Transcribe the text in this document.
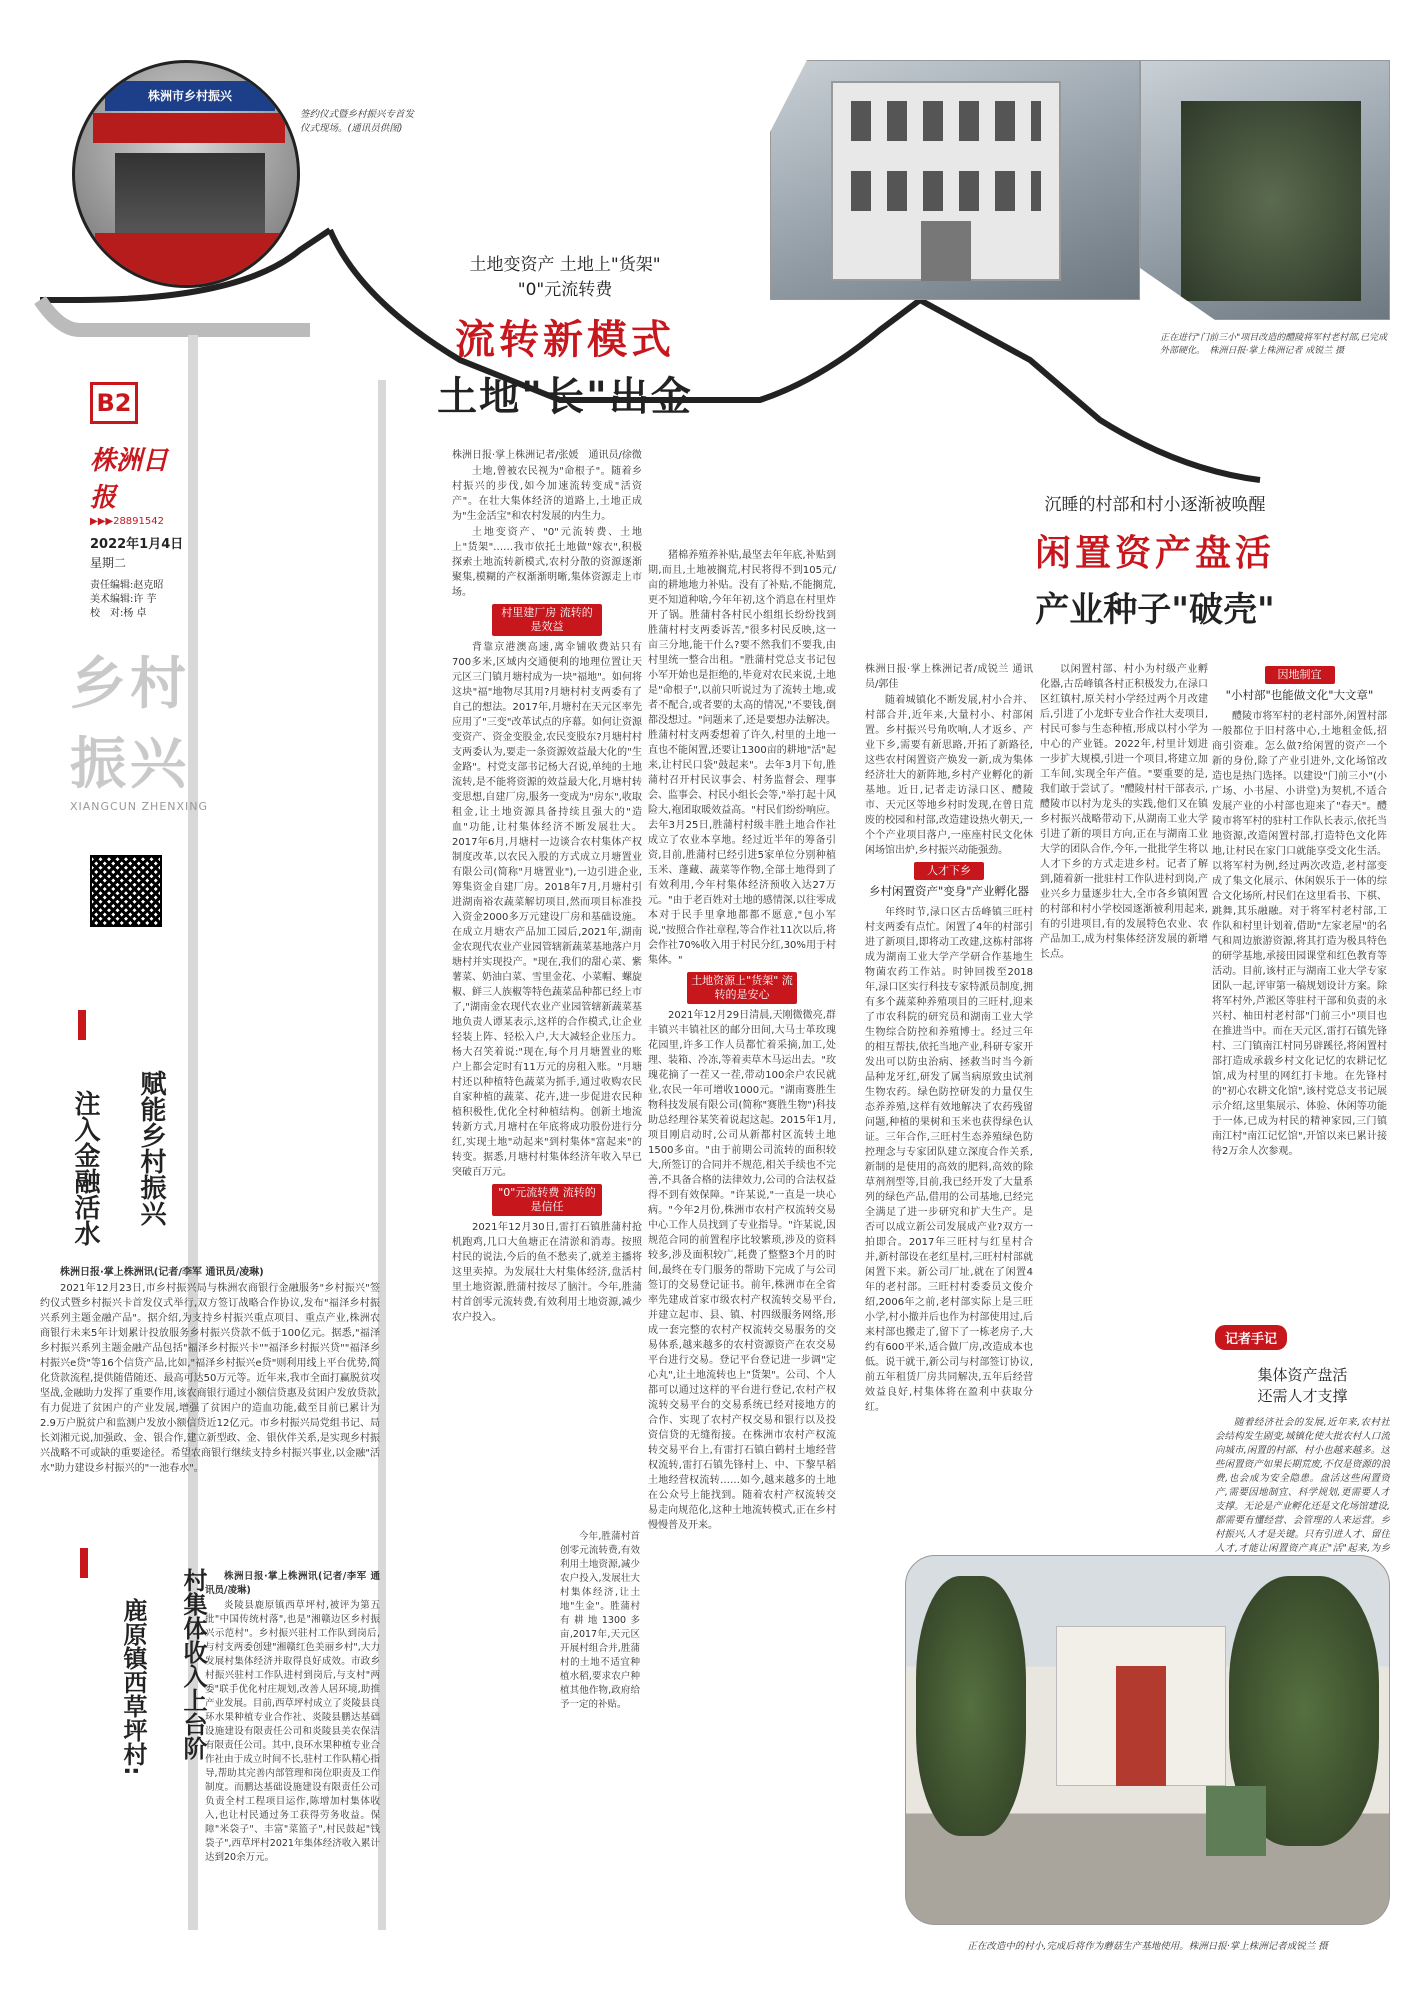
株洲市乡村振兴
签约仪式暨乡村振兴专首发仪式现场。(通讯员供图)
B2
株洲日报
▶▶▶28891542
2022年1月4日
星期二
责任编辑:赵克昭
美术编辑:许 芋
校　对:杨 卓
乡村
振兴
XIANGCUN ZHENXING
赋能乡村振兴
注入金融活水

株洲日报·掌上株洲讯(记者/李军 通讯员/凌琳)

2021年12月23日,市乡村振兴局与株洲农商银行金融服务"乡村振兴"签约仪式暨乡村振兴卡首发仪式举行,双方签订战略合作协议,发布"福泽乡村振兴系列主题金融产品"。据介绍,为支持乡村振兴重点项目、重点产业,株洲农商银行未来5年计划累计投放服务乡村振兴贷款不低于100亿元。据悉,"福泽乡村振兴系列主题金融产品包括"福泽乡村振兴卡""福泽乡村振兴贷""福泽乡村振兴e贷"等16个信贷产品,比如,"福泽乡村振兴e贷"则利用线上平台优势,简化贷款流程,提供随借随还、最高可达50万元等。近年来,我市全面打赢脱贫攻坚战,金融助力发挥了重要作用,该农商银行通过小额信贷惠及贫困户发放贷款,有力促进了贫困户的产业发展,增强了贫困户的造血功能,截至目前已累计为2.9万户脱贫户和监测户发放小额信贷近12亿元。市乡村振兴局党组书记、局长刘湘元说,加强政、金、银合作,建立新型政、金、银伙伴关系,是实现乡村振兴战略不可或缺的重要途径。希望农商银行继续支持乡村振兴事业,以金融"活水"助力建设乡村振兴的"一池春水"。

村集体收入上台阶
鹿原镇西草坪村:

株洲日报·掌上株洲讯(记者/李军 通讯员/凌琳)

炎陵县鹿原镇西草坪村,被评为第五批"中国传统村落",也是"湘赣边区乡村振兴示范村"。乡村振兴驻村工作队到岗后,与村支两委创建"湘赣红色美丽乡村",大力发展村集体经济并取得良好成效。市政乡村振兴驻村工作队进村到岗后,与支村"两委"联手优化村庄规划,改善人居环境,助推产业发展。目前,西草坪村成立了炎陵县良环水果种植专业合作社、炎陵县鹏达基础设施建设有限责任公司和炎陵县美农保洁有限责任公司。其中,良环水果种植专业合作社由于成立时间不长,驻村工作队精心指导,帮助其完善内部管理和岗位职责及工作制度。而鹏达基础设施建设有限责任公司负责全村工程项目运作,陈增加村集体收入,也让村民通过务工获得劳务收益。保障"米袋子"、丰富"菜篮子",村民鼓起"钱袋子",西草坪村2021年集体经济收入累计达到20余万元。

土地变资产 土地上"货架"
"0"元流转费
流转新模式
土地"长"出金

株洲日报·掌上株洲记者/张媛　通讯员/徐微

土地,曾被农民视为"命根子"。随着乡村振兴的步伐,如今加速流转变成"活资产"。在壮大集体经济的道路上,土地正成为"生金活宝"和农村发展的内生力。

土地变资产、"0"元流转费、土地上"货架"……我市依托土地做"嫁衣",积极探索土地流转新模式,农村分散的资源逐渐聚集,模糊的产权渐渐明晰,集体资源走上市场。

村里建厂房 流转的是效益

背靠京港澳高速,离伞铺收费站只有700多米,区域内交通便利的地理位置让天元区三门镇月塘村成为一块"福地"。如何将这块"福"地物尽其用?月塘村村支两委有了自己的想法。2017年,月塘村在天元区率先应用了"三变"改革试点的序幕。如何让资源变资产、资金变股金,农民变股东?月塘村村支两委认为,要走一条资源效益最大化的"生金路"。村党支部书记杨大召说,单纯的土地流转,是不能将资源的效益最大化,月塘村转变思想,自建厂房,服务一变成为"房东",收取租金,让土地资源具备持续且强大的"造血"功能,让村集体经济不断发展壮大。2017年6月,月塘村一边谈合农村集体产权制度改革,以农民入股的方式成立月塘置业有限公司(简称"月塘置业"),一边引进企业,筹集资金自建厂房。2018年7月,月塘村引进湖南裕农蔬菜解切项目,然而项目标准投入资金2000多万元建设厂房和基础设施。在成立月塘农产品加工园后,2021年,湖南金农现代农业产业园管辖新蔬菜基地落户月塘村并实现投产。"现在,我们的甜心菜、紫薯菜、奶油白菜、雪里金花、小菜帽、螺旋椒、鲜三人族椒等特色蔬菜品种都已经上市了,"湖南金农现代农业产业园管辖新蔬菜基地负责人谭某表示,这样的合作模式,让企业轻装上阵、轻松入户,大大减轻企业压力。杨大召笑着说:"现在,每个月月塘置业的账户上都会定时有11万元的房租入账。"月塘村还以种植特色蔬菜为抓手,通过收购农民自家种植的蔬菜、花卉,进一步促进农民种植积极性,优化全村种植结构。创新土地流转新方式,月塘村在年底将成功股份进行分红,实现土地"动起来"到村集体"富起来"的转变。据悉,月塘村村集体经济年收入早已突破百万元。

"0"元流转费 流转的是信任

2021年12月30日,雷打石镇胜蒲村抢机跑鸡,几口大鱼塘正在清淤和消毒。按照村民的说法,今后的鱼不愁卖了,就差主播将这里卖掉。为发展壮大村集体经济,盘活村里土地资源,胜蒲村按尽了脑汁。今年,胜蒲村首创零元流转费,有效利用土地资源,减少农户投入。

猪棉养殖养补贴,最坚去年年底,补贴到期,而且,土地被搁荒,村民将得不到105元/亩的耕地地力补贴。没有了补贴,不能搁荒,更不知道种啥,今年年初,这个消息在村里炸开了锅。胜蒲村各村民小组组长纷纷找到胜蒲村村支两委诉苦,"很多村民反映,这一亩三分地,能干什么?要不然我们不要我,由村里统一整合出租。"胜蒲村党总支书记包小军开始也是拒绝的,毕竟对农民来说,土地是"命根子",以前只听说过为了流转土地,或者不配合,或者要的太高的情况,"不要钱,倒都没想过。"问题来了,还是要想办法解决。胜蒲村村支两委想着了许久,村里的土地一直也不能闲置,还要让1300亩的耕地"活"起来,让村民口袋"鼓起来"。去年3月下旬,胜蒲村召开村民议事会、村务监督会、理事会、监事会、村民小组长会等,"举打起十风险大,袍团取暖效益高。"村民们纷纷响应。去年3月25日,胜蒲村村级丰胜土地合作社成立了农业本享地。经过近半年的筹备引资,目前,胜蒲村已经引进5家单位分别种植玉米、蓬藏、蔬菜等作物,全部土地得到了有效利用,今年村集体经济预收入达27万元。"由于老百姓对土地的感情深,以往零成本对于民手里拿地都都不愿意,"包小军说,"按照合作社章程,等合作社11次以后,将会作社70%收入用于村民分红,30%用于村集体。"

土地资源上"货架" 流转的是安心

2021年12月29日清晨,天刚微微亮,群丰镇兴丰镇社区的邮分田间,大马士革玫瑰花园里,许多工作人员都忙着采摘,加工,处理、装箱、冷冻,等着卖草木马运出去。"玫瑰花摘了一茬又一茬,带动100余户农民就业,农民一年可增收1000元。"湖南赛胜生物科技发展有限公司(简称"赛胜生物")科技助总经理谷某笑着说起这起。2015年1月,项目刚启动时,公司从新都村区流转土地1500多亩。"由于前期公司流转的面积较大,所签订的合同并不规范,相关手续也不完善,不具备合格的法律效力,公司的合法权益得不到有效保障。"许某说,"一直是一块心病。"今年2月份,株洲市农村产权流转交易中心工作人员找到了专业指导。"许某说,因规范合同的前置程序比较繁琐,涉及的资料较多,涉及面积较广,耗费了整整3个月的时间,最终在专门服务的帮助下完成了与公司签订的交易登记证书。前年,株洲市在全省率先建成首家市级农村产权流转交易平台,并建立起市、县、镇、村四级服务网络,形成一套完整的农村产权流转交易服务的交易体系,越来越多的农村资源资产在农交易平台进行交易。登记平台登记进一步调"定心丸",让土地流转也上"货架"。公司、个人都可以通过这样的平台进行登记,农村产权流转交易平台的交易系统已经对接地方的合作、实现了农村产权交易和银行以及投资信贷的无缝衔接。在株洲市农村产权流转交易平台上,有雷打石镇白鹤村土地经营权流转,雷打石镇先锋村上、中、下黎早稻土地经营权流转……如今,越来越多的土地在公众号上能找到。随着农村产权流转交易走向规范化,这种土地流转模式,正在乡村慢慢普及开来。

今年,胜蒲村首创零元流转费,有效利用土地资源,减少农户投入,发展壮大村集体经济,让土地"生金"。胜蒲村有耕地1300多亩,2017年,天元区开展村组合并,胜蒲村的土地不适宜种植水稻,要求农户种植其他作物,政府给予一定的补贴。

正在进行"门前三小"项目改造的醴陵将军村老村部,已完成外部硬化。　株洲日报·掌上株洲记者 成锐兰 摄
沉睡的村部和村小逐渐被唤醒
闲置资产盘活
产业种子"破壳"

株洲日报·掌上株洲记者/成锐兰 通讯员/郭佳

随着城镇化不断发展,村小合并、村部合并,近年来,大量村小、村部闲置。乡村振兴号角吹响,人才返乡、产业下乡,需要有新思路,开拓了新路径,这些农村闲置资产焕发一新,成为集体经济壮大的新阵地,乡村产业孵化的新基地。近日,记者走访渌口区、醴陵市、天元区等地乡村时发现,在曾日荒废的校园和村部,改造建设热火朝天,一个个产业项目落户,一座座村民文化休闲场馆出炉,乡村振兴动能强劲。

人才下乡
乡村闲置资产"变身"产业孵化器

年终时节,渌口区古岳峰镇三旺村村支两委有点忙。闲置了4年的村部引进了新项目,即将动工改建,这栋村部将成为湖南工业大学产学研合作基地生物菌农药工作站。时钟回拨至2018年,渌口区实行科技专家特派员制度,拥有多个蔬菜种养殖项目的三旺村,迎来了市农科院的研究员和湖南工业大学生物综合防控和养殖博士。经过三年的相互帮扶,依托当地产业,科研专家开发出可以防虫治病、拯救当时当今新品种龙牙红,研发了属当病原致虫试剂生物农药。绿色防控研发的力量仅生态养养殖,这样有效地解决了农药残留问题,种植的果树和玉米也获得绿色认证。三年合作,三旺村生态养殖绿色防控理念与专家团队建立深度合作关系,新制的是使用的高效的肥料,高效的除草剂剂型等,目前,我已经开发了大量系列的绿色产品,借用的公司基地,已经完全满足了进一步研究和扩大生产。是否可以成立新公司发展成产业?双方一拍即合。2017年三旺村与红星村合并,新村部设在老红星村,三旺村村部就闲置下来。新公司厂址,就在了闲置4年的老村部。三旺村村委委员文俊介绍,2006年之前,老村部实际上是三旺小学,村小撤并后也作为村部使用过,后来村部也搬走了,留下了一栋老房子,大约有600平米,适合做厂房,改造成本也低。说干就干,新公司与村部签订协议,前五年租赁厂房共同解决,五年后经营效益良好,村集体将在盈利中获取分红。

以闲置村部、村小为村级产业孵化器,古岳峰镇各村正积极发力,在渌口区红镇村,原关村小学经过两个月改建后,引进了小龙虾专业合作社大麦项目,村民可参与生态种植,形成以村小学为中心的产业链。2022年,村里计划进一步扩大规模,引进一个项目,将建立加工车间,实现全年产值。"要重要的是,我们敢于尝试了。"醴陵村村干部表示,醴陵市以村为龙头的实践,他们又在镇乡村振兴战略带动下,从湖南工业大学引进了新的项目方向,正在与湖南工业大学的团队合作,今年,一批批学生将以人才下乡的方式走进乡村。记者了解到,随着新一批驻村工作队进村到岗,产业兴乡力量逐步壮大,全市各乡镇闲置的村部和村小学校园逐渐被利用起来,有的引进项目,有的发展特色农业、农产品加工,成为村集体经济发展的新增长点。

因地制宜
"小村部"也能做文化"大文章"

醴陵市将军村的老村部外,闲置村部一般都位于旧村落中心,土地租金低,招商引资难。怎么做?给闲置的资产一个新的身份,除了产业引进外,文化场馆改造也是热门选择。以建设"门前三小"(小广场、小书屋、小讲堂)为契机,不适合发展产业的小村部也迎来了"春天"。醴陵市将军村的驻村工作队长表示,依托当地资源,改造闲置村部,打造特色文化阵地,让村民在家门口就能享受文化生活。以将军村为例,经过两次改造,老村部变成了集文化展示、休闲娱乐于一体的综合文化场所,村民们在这里看书、下棋、跳舞,其乐融融。对于将军村老村部,工作队和村里计划着,借助"左家老屋"的名气和周边旅游资源,将其打造为极具特色的研学基地,承接田园课堂和红色教育等活动。目前,该村正与湖南工业大学专家团队一起,评审第一稿规划设计方案。除将军村外,芦淞区等驻村干部和负责的永兴村、柚田村老村部"门前三小"项目也在推进当中。而在天元区,雷打石镇先锋村、三门镇南江村同另辟蹊径,将闲置村部打造成承载乡村文化记忆的农耕记忆馆,成为村里的网红打卡地。在先锋村的"初心农耕文化馆",该村党总支书记展示介绍,这里集展示、体验、休闲等功能于一体,已成为村民的精神家园,三门镇南江村"南江记忆馆",开馆以来已累计接待2万余人次参观。

记者手记
集体资产盘活
还需人才支撑

随着经济社会的发展,近年来,农村社会结构发生剧变,城镇化使大批农村人口流向城市,闲置的村部、村小也越来越多。这些闲置资产如果长期荒废,不仅是资源的浪费,也会成为安全隐患。盘活这些闲置资产,需要因地制宜、科学规划,更需要人才支撑。无论是产业孵化还是文化场馆建设,都需要有懂经营、会管理的人来运营。乡村振兴,人才是关键。只有引进人才、留住人才,才能让闲置资产真正"活"起来,为乡

正在改造中的村小,完成后将作为蘑菇生产基地使用。株洲日报·掌上株洲记者成锐兰 摄
